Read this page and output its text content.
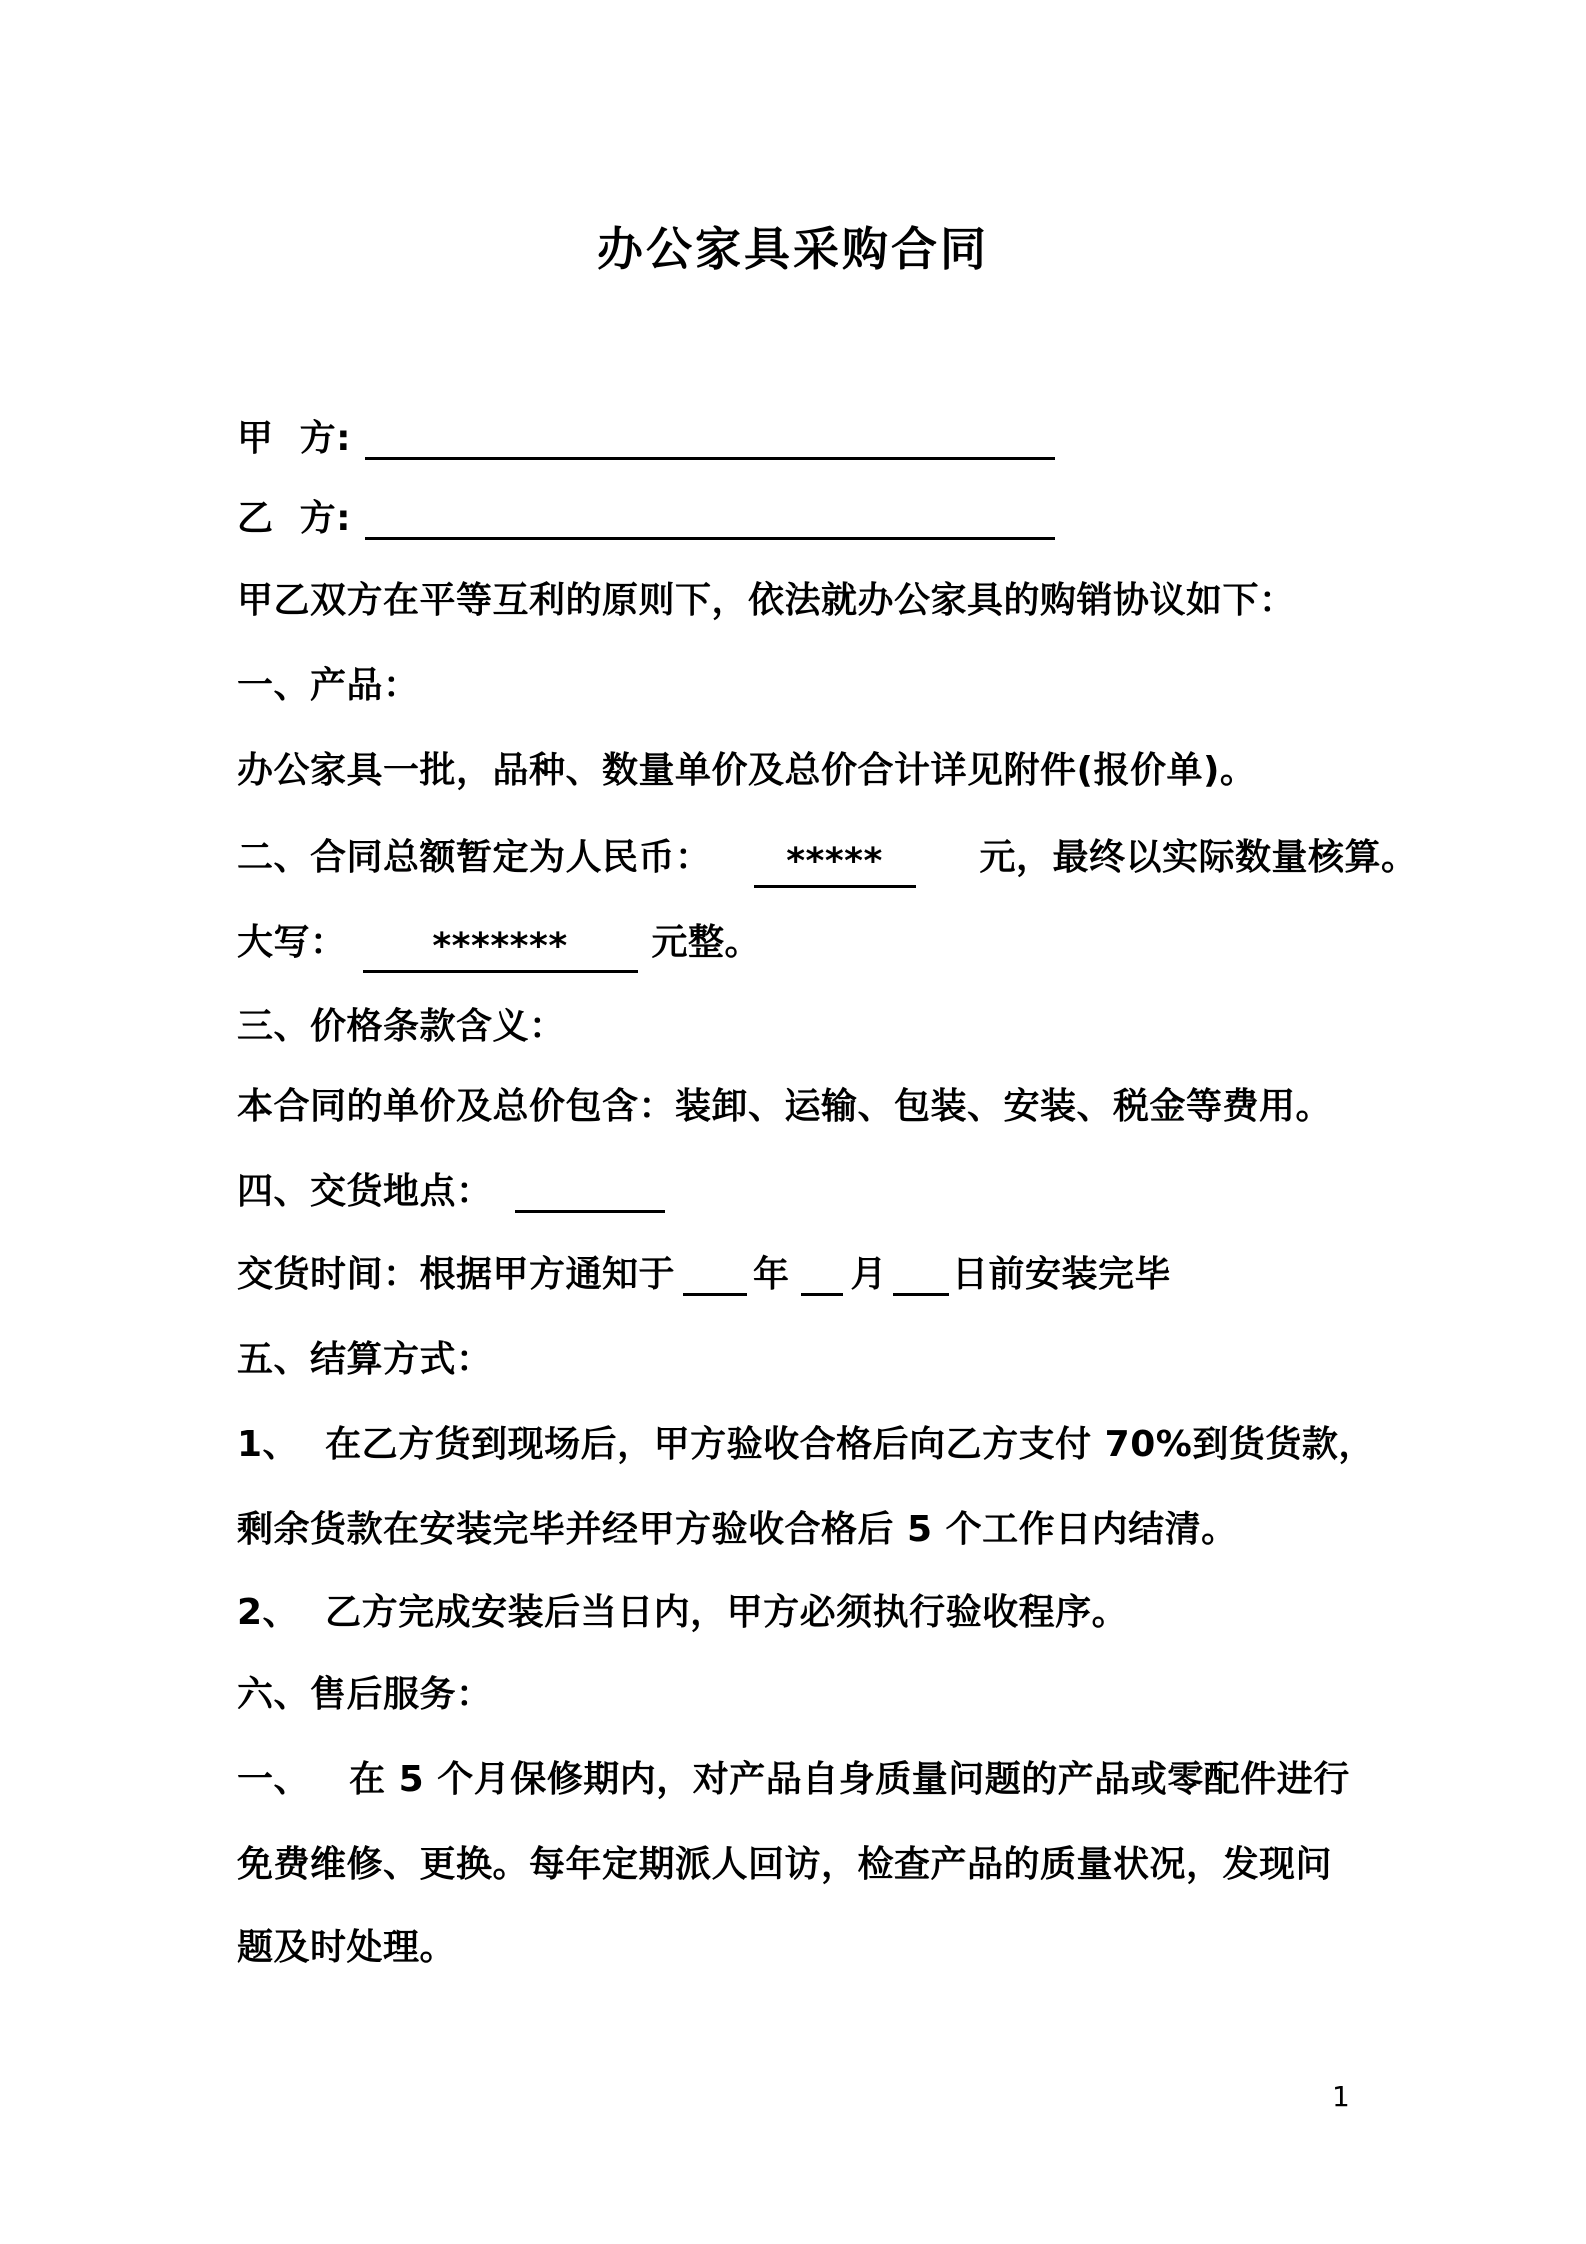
办公家具采购合同
甲  方:
乙  方:
甲乙双方在平等互利的原则下，依法就办公家具的购销协议如下：
一、产品：
办公家具一批，品种、数量单价及总价合计详见附件(报价单)。
二、合同总额暂定为人民币： *****	元，最终以实际数量核算。
大写： ******* 元整。
三、价格条款含义：
本合同的单价及总价包含：装卸、运输、包装、安装、税金等费用。
四、交货地点：
交货时间：根据甲方通知于 年 月 日前安装完毕
五、结算方式：
1、  在乙方货到现场后，甲方验收合格后向乙方支付 70%到货货款，
剩余货款在安装完毕并经甲方验收合格后 5 个工作日内结清。
2、  乙方完成安装后当日内，甲方必须执行验收程序。
六、售后服务：
一、   在 5 个月保修期内，对产品自身质量问题的产品或零配件进行
免费维修、更换。每年定期派人回访，检查产品的质量状况，发现问
题及时处理。
1
